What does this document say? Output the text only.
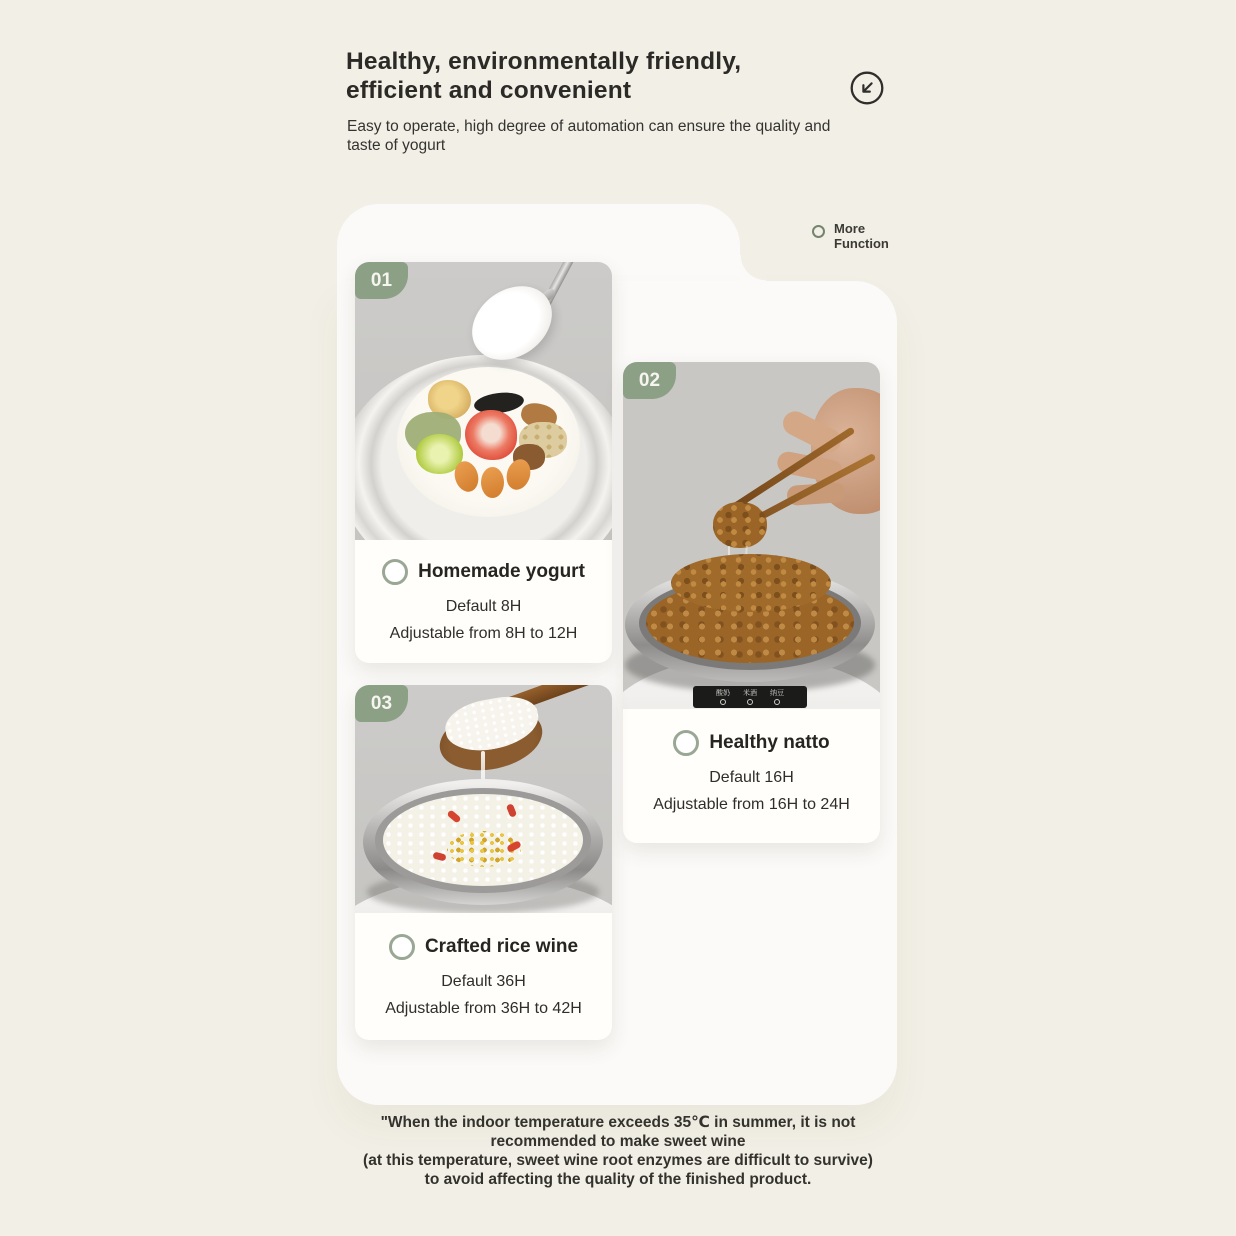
Healthy, environmentally friendly,
efficient and convenient
Easy to operate, high degree of automation can ensure the quality and taste of yogurt
More
Function
01
Homemade yogurt
Default 8H
Adjustable from 8H to 12H
酸奶 米酒 纳豆
02
Healthy natto
Default 16H
Adjustable from 16H to 24H
03
Crafted rice wine
Default 36H
Adjustable from 36H to 42H
"When the indoor temperature exceeds 35℃ in summer, it is not
recommended to make sweet wine
(at this temperature, sweet wine root enzymes are difficult to survive)
to avoid affecting the quality of the finished product.
